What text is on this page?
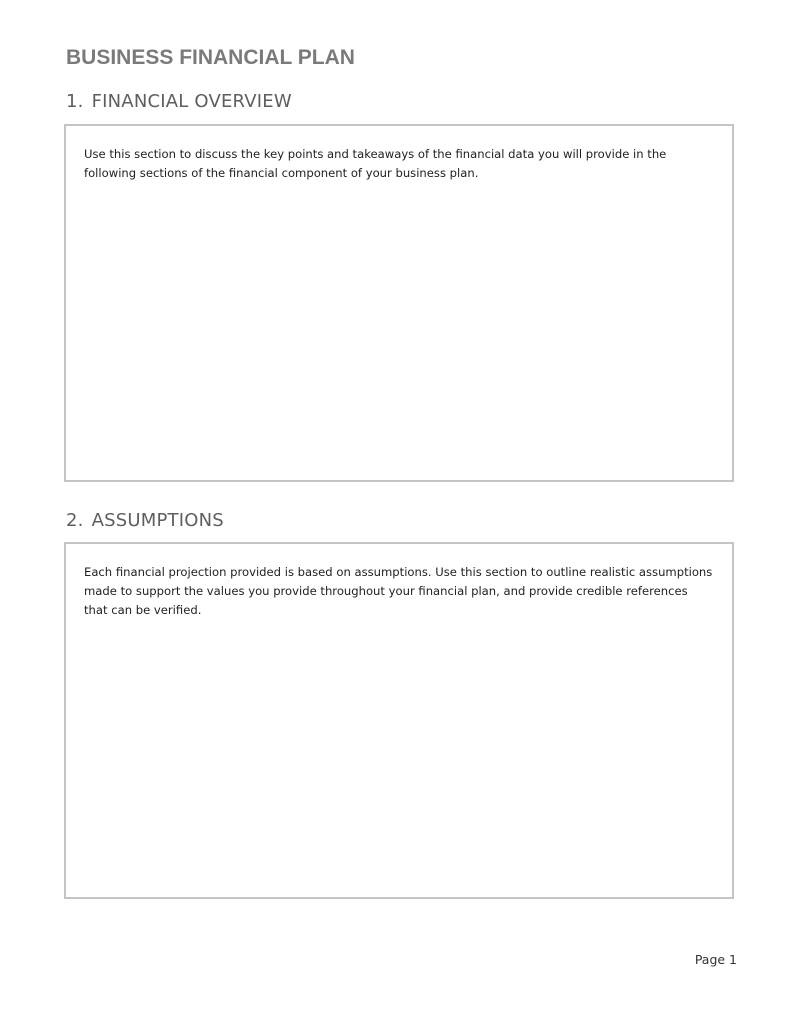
BUSINESS FINANCIAL PLAN
1. FINANCIAL OVERVIEW
Use this section to discuss the key points and takeaways of the financial data you will provide in the following sections of the financial component of your business plan.
2. ASSUMPTIONS
Each financial projection provided is based on assumptions. Use this section to outline realistic assumptions made to support the values you provide throughout your financial plan, and provide credible references that can be verified.
Page 1
